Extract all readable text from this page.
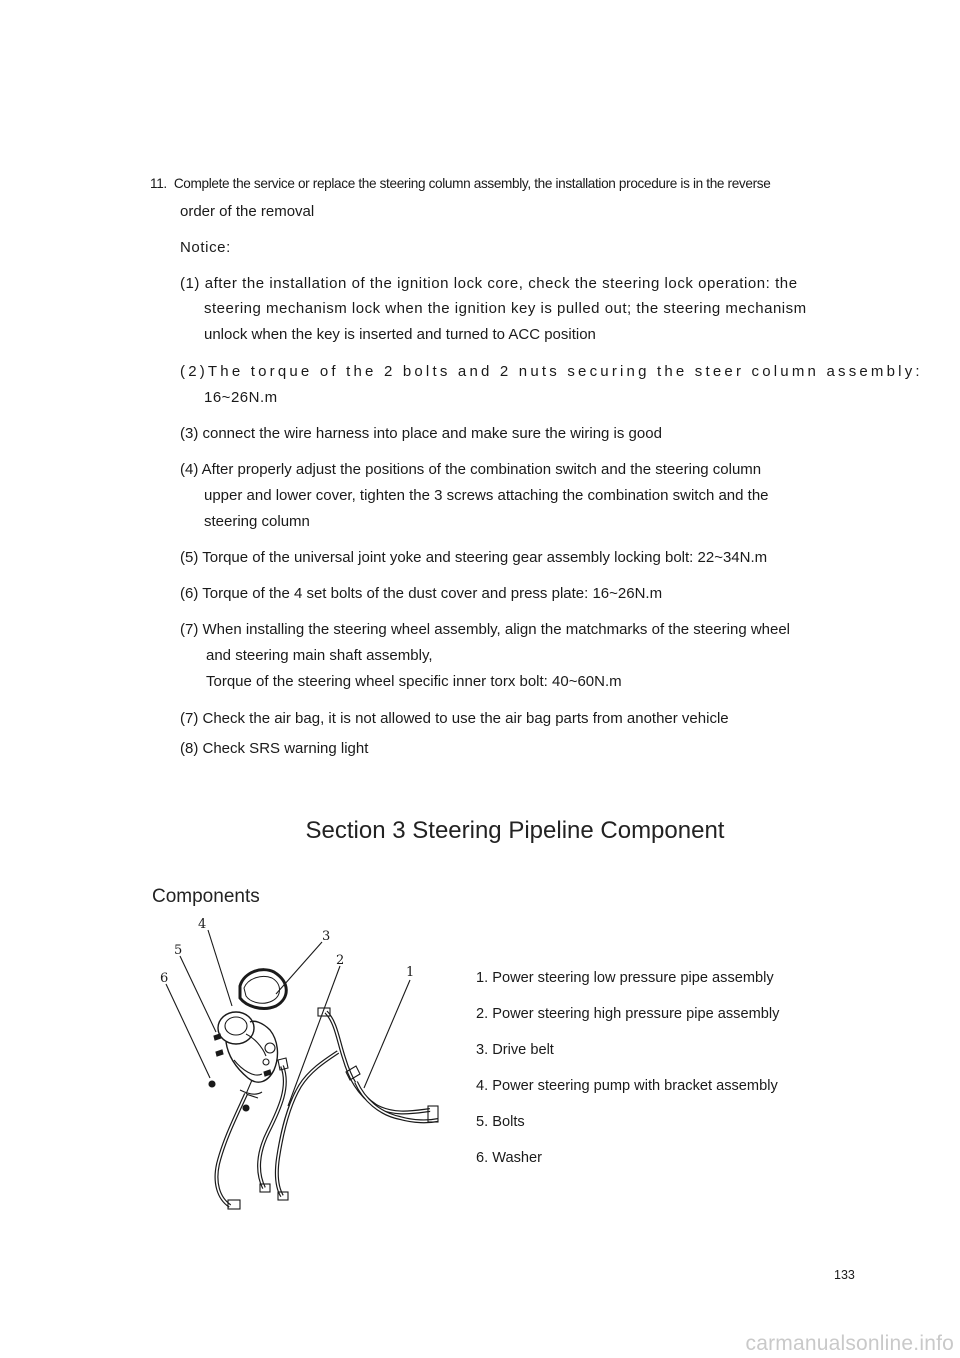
11. Complete the service or replace the steering column assembly, the installation procedure is in the reverse
order of the removal
Notice:
(1) after the installation of the ignition lock core, check the steering lock operation: the
steering mechanism lock when the ignition key is pulled out; the steering mechanism
unlock when the key is inserted and turned to ACC position
(2)The torque of the 2 bolts and 2 nuts securing the steer column assembly:
16~26N.m
(3) connect the wire harness into place and make sure the wiring is good
(4) After properly adjust the positions of the combination switch and the steering column
upper and lower cover, tighten the 3 screws attaching the combination switch and the
steering column
(5) Torque of the universal joint yoke and steering gear assembly locking bolt: 22~34N.m
(6) Torque of the 4 set bolts of the dust cover and press plate: 16~26N.m
(7) When installing the steering wheel assembly, align the matchmarks of the steering wheel
and steering main shaft assembly,
Torque of the steering wheel specific inner torx bolt: 40~60N.m
(7) Check the air bag, it is not allowed to use the air bag parts from another vehicle
(8) Check SRS warning light
Section 3 Steering Pipeline Component
Components
4
5
6
3
2
1	1. Power steering low pressure pipe assembly
2. Power steering high pressure pipe assembly
3. Drive belt
4. Power steering pump with bracket assembly
5. Bolts
6. Washer
133
carmanualsonline.info
